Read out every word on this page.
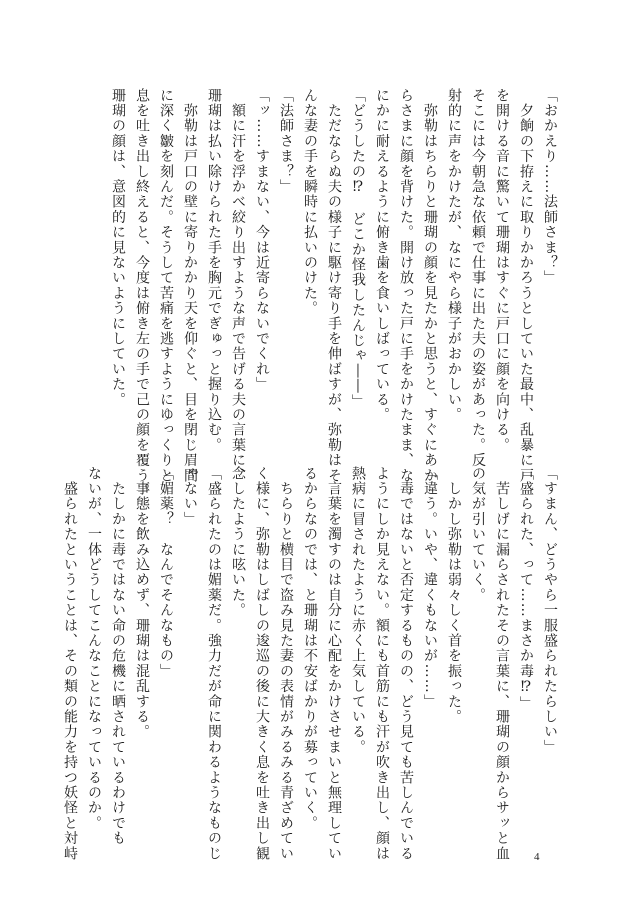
「おかえり……法師さま？」
　夕餉の下拵えに取りかかろうとしていた最中、乱暴に戸
を開ける音に驚いて珊瑚はすぐに戸口に顔を向ける。
そこには今朝急な依頼で仕事に出た夫の姿があった。反
射的に声をかけたが、なにやら様子がおかしい。
　弥勒はちらりと珊瑚の顔を見たかと思うと、すぐにあか
らさまに顔を背けた。開け放った戸に手をかけたまま、な
にかに耐えるように俯き歯を食いしばっている。
「どうしたの⁉　どこか怪我したんじゃ――」
　ただならぬ夫の様子に駆け寄り手を伸ばすが、弥勒はそ
んな妻の手を瞬時に払いのけた。
「法師さま？」
「ッ……すまない、今は近寄らないでくれ」
　額に汗を浮かべ絞り出すような声で告げる夫の言葉に、
珊瑚は払い除けられた手を胸元でぎゅっと握り込む。
　弥勒は戸口の壁に寄りかかり天を仰ぐと、目を閉じ眉間
に深く皺を刻んだ。そうして苦痛を逃すようにゆっくりと
息を吐き出し終えると、今度は俯き左の手で己の顔を覆う。
珊瑚の顔は、意図的に見ないようにしていた。
「すまん、どうやら一服盛られたらしい」
「盛られた、って……まさか毒⁉」
　苦しげに漏らされたその言葉に、珊瑚の顔からサッと血
の気が引いていく。
　しかし弥勒は弱々しく首を振った。
「違う。いや、違くもないが……」
　毒ではないと否定するものの、どう見ても苦しんでいる
ようにしか見えない。額にも首筋にも汗が吹き出し、顔は
熱病に冒されたように赤く上気している。
　言葉を濁すのは自分に心配をかけさせまいと無理してい
るからなのでは、と珊瑚は不安ばかりが募っていく。
　ちらりと横目で盗み見た妻の表情がみるみる青ざめてい
く様に、弥勒はしばしの逡巡の後に大きく息を吐き出し観
念したように呟いた。
「盛られたのは媚薬だ。強力だが命に関わるようなものじ
ゃない」
「媚薬？　なんでそんなもの」
　事態を飲み込めず、珊瑚は混乱する。
　たしかに毒ではない命の危機に晒されているわけでも
ないが、一体どうしてこんなことになっているのか。
　盛られたということは、その類の能力を持つ妖怪と対峙	4
